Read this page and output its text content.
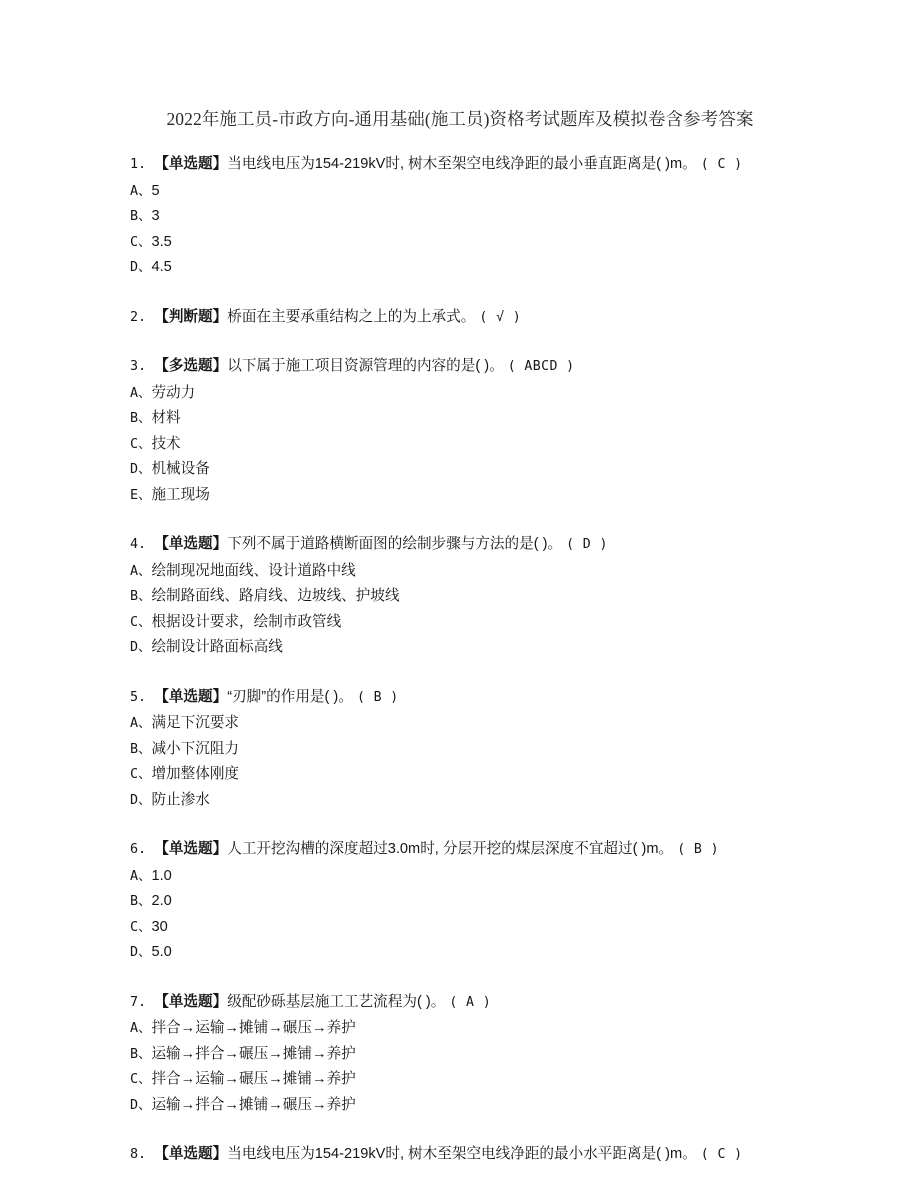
2022年施工员-市政方向-通用基础(施工员)资格考试题库及模拟卷含参考答案

1. 【单选题】当电线电压为154-219kV时, 树木至架空电线净距的最小垂直距离是( )m。 ( C )

A、5

B、3

C、3.5

D、4.5

2. 【判断题】桥面在主要承重结构之上的为上承式。 ( √ )

3. 【多选题】以下属于施工项目资源管理的内容的是( )。 ( ABCD )

A、劳动力

B、材料

C、技术

D、机械设备

E、施工现场

4. 【单选题】下列不属于道路横断面图的绘制步骤与方法的是( )。 ( D )

A、绘制现况地面线、设计道路中线

B、绘制路面线、路肩线、边坡线、护坡线

C、根据设计要求，绘制市政管线

D、绘制设计路面标高线

5. 【单选题】“刃脚”的作用是( )。 ( B )

A、满足下沉要求

B、减小下沉阻力

C、增加整体刚度

D、防止渗水

6. 【单选题】人工开挖沟槽的深度超过3.0m时, 分层开挖的煤层深度不宜超过( )m。 ( B )

A、1.0

B、2.0

C、30

D、5.0

7. 【单选题】级配砂砾基层施工工艺流程为( )。 ( A )

A、拌合→运输→摊铺→碾压→养护

B、运输→拌合→碾压→摊铺→养护

C、拌合→运输→碾压→摊铺→养护

D、运输→拌合→摊铺→碾压→养护

8. 【单选题】当电线电压为154-219kV时, 树木至架空电线净距的最小水平距离是( )m。 ( C )
